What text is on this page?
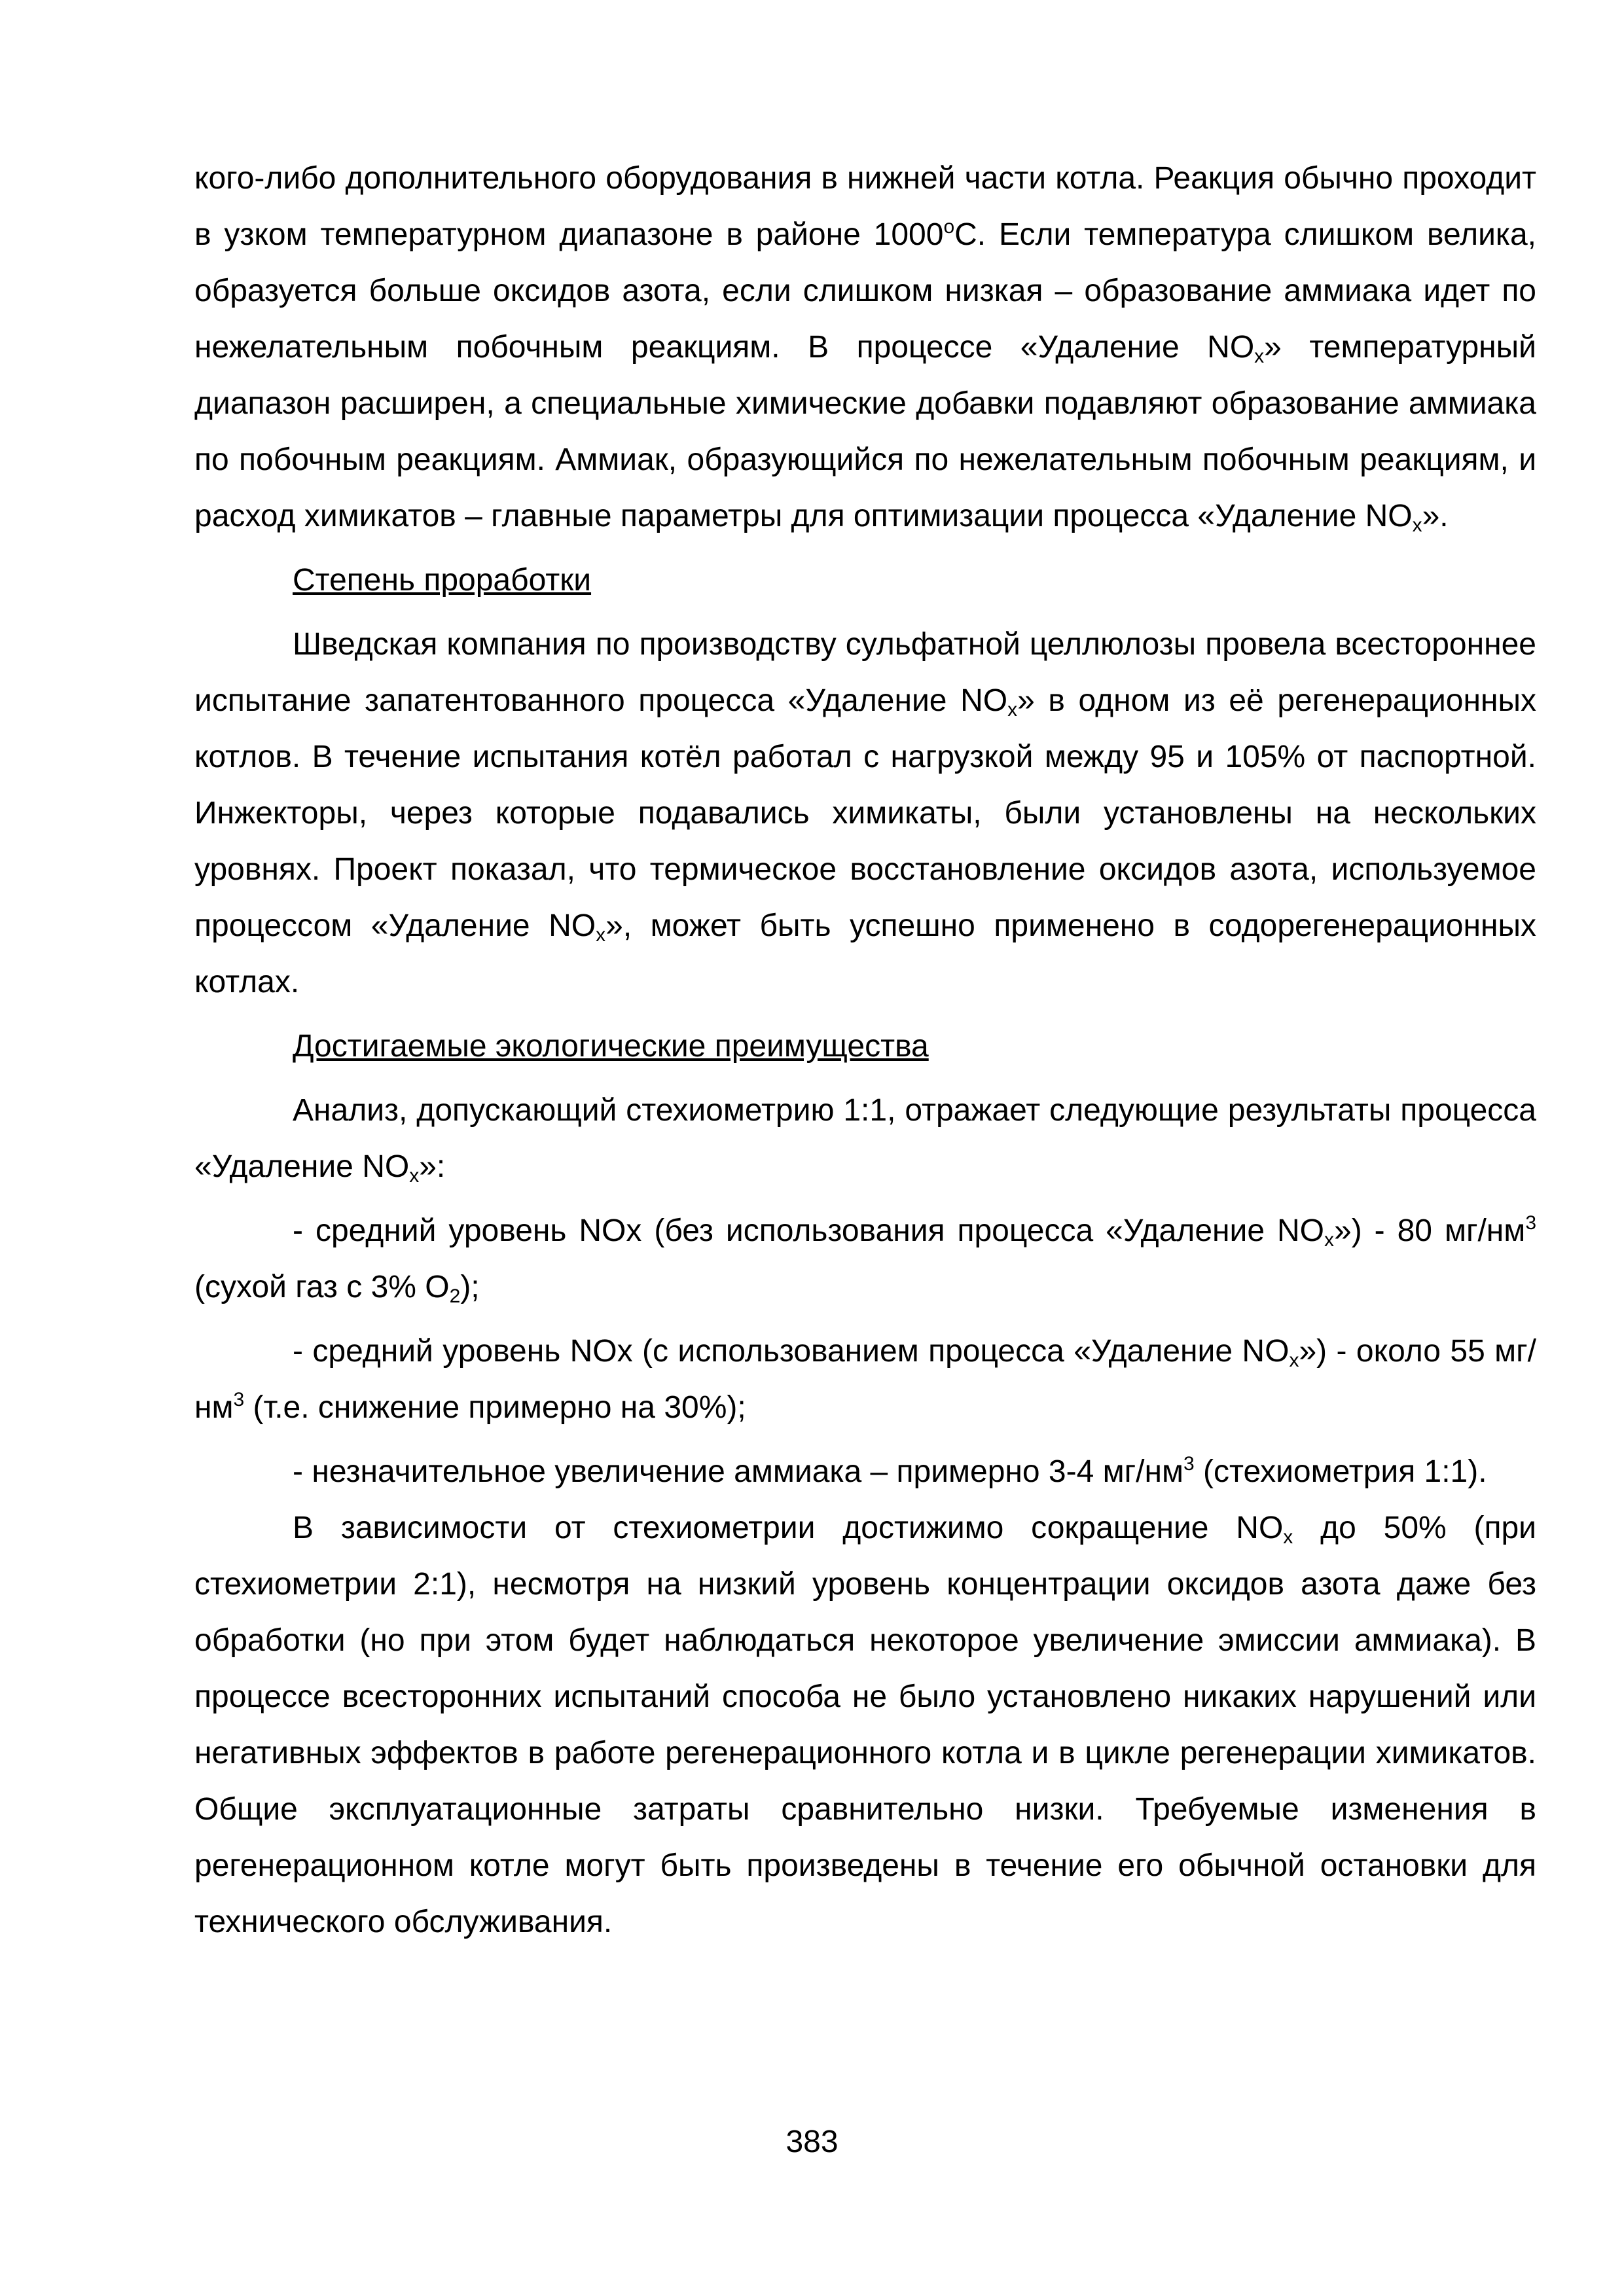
кого-либо дополнительного оборудования в нижней части котла. Реакция обычно проходит в узком температурном диапазоне в районе 1000$^o$С. Если температура слишком велика, образуется больше оксидов азота, если слишком низкая – образование аммиака идет по нежелательным побочным реакциям. В процессе «Удаление $NO_x$» температурный диапазон расширен, а специальные химические добавки подавляют образование аммиака по побочным реакциям. Аммиак, образующийся по нежелательным побочным реакциям, и расход химикатов – главные параметры для оптимизации процесса «Удаление $NO_x$».

Степень проработки

Шведская компания по производству сульфатной целлюлозы провела всестороннее испытание запатентованного процесса «Удаление $NO_x$» в одном из её регенерационных котлов. В течение испытания котёл работал с нагрузкой между 95 и 105% от паспортной. Инжекторы, через которые подавались химикаты, были установлены на нескольких уровнях. Проект показал, что термическое восстановление оксидов азота, используемое процессом «Удаление $NO_x$», может быть успешно применено в содорегенерационных котлах.

Достигаемые экологические преимущества

Анализ, допускающий стехиометрию 1:1, отражает следующие результаты процесса «Удаление $NO_x$»:

- средний уровень NOx (без использования процесса «Удаление $NO_x») - 80$ $мг/нм^3$ (сухой газ с 3% $O_2$);

- средний уровень NOx (с использованием процесса «Удаление $NO_x$») - около 55 $мг/нм^3$ (т.е. снижение примерно на 30%);

- незначительное увеличение аммиака – примерно 3-4 $мг/нм^3$ (стехиометрия 1:1).

В зависимости от стехиометрии достижимо сокращение $NO_x$ до 50% (при стехиометрии 2:1), несмотря на низкий уровень концентрации оксидов азота даже без обработки (но при этом будет наблюдаться некоторое увеличение эмиссии аммиака). В процессе всесторонних испытаний способа не было установлено никаких нарушений или негативных эффектов в работе регенерационного котла и в цикле регенерации химикатов. Общие эксплуатационные затраты сравнительно низки. Требуемые изменения в регенерационном котле могут быть произведены в течение его обычной остановки для технического обслуживания.

383
